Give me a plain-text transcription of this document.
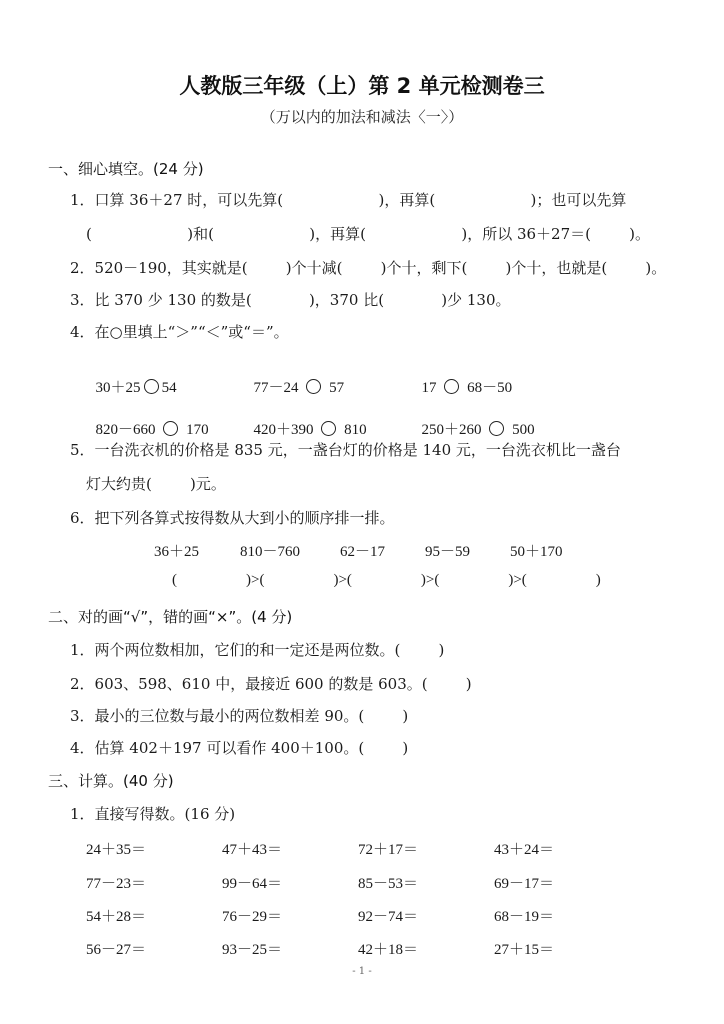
人教版三年级（上）第 2 单元检测卷三
（万以内的加法和减法〈一〉）
一、细心填空。(24 分)
1．口算 36＋27 时，可以先算(                    )，再算(                    )；也可以先算
(                    )和(                    )，再算(                    )，所以 36＋27＝(        )。
2．520－190，其实就是(        )个十减(        )个十，剩下(        )个十，也就是(        )。
3．比 370 少 130 的数是(            )，370 比(            )少 130。
4．在○里填上“＞”“＜”或“＝”。

30＋25 54	77－24 57	17 68－50

820－660 170	420＋390 810	250＋260 500

5．一台洗衣机的价格是 835 元，一盏台灯的价格是 140 元，一台洗衣机比一盏台
灯大约贵(        )元。
6．把下列各算式按得数从大到小的顺序排一排。
36＋25	810－760	62－17	95－59	50＋170
(            )>(            )>(            )>(            )>(            )
二、对的画“√”，错的画“×”。(4 分)
1．两个两位数相加，它们的和一定还是两位数。(        )
2．603、598、610 中，最接近 600 的数是 603。(        )
3．最小的三位数与最小的两位数相差 90。(        )
4．估算 402＋197 可以看作 400＋100。(        )
三、计算。(40 分)
1．直接写得数。(16 分)
24＋35＝	47＋43＝	72＋17＝	43＋24＝
77－23＝	99－64＝	85－53＝	69－17＝
54＋28＝	76－29＝	92－74＝	68－19＝
56－27＝	93－25＝	42＋18＝	27＋15＝
- 1 -
